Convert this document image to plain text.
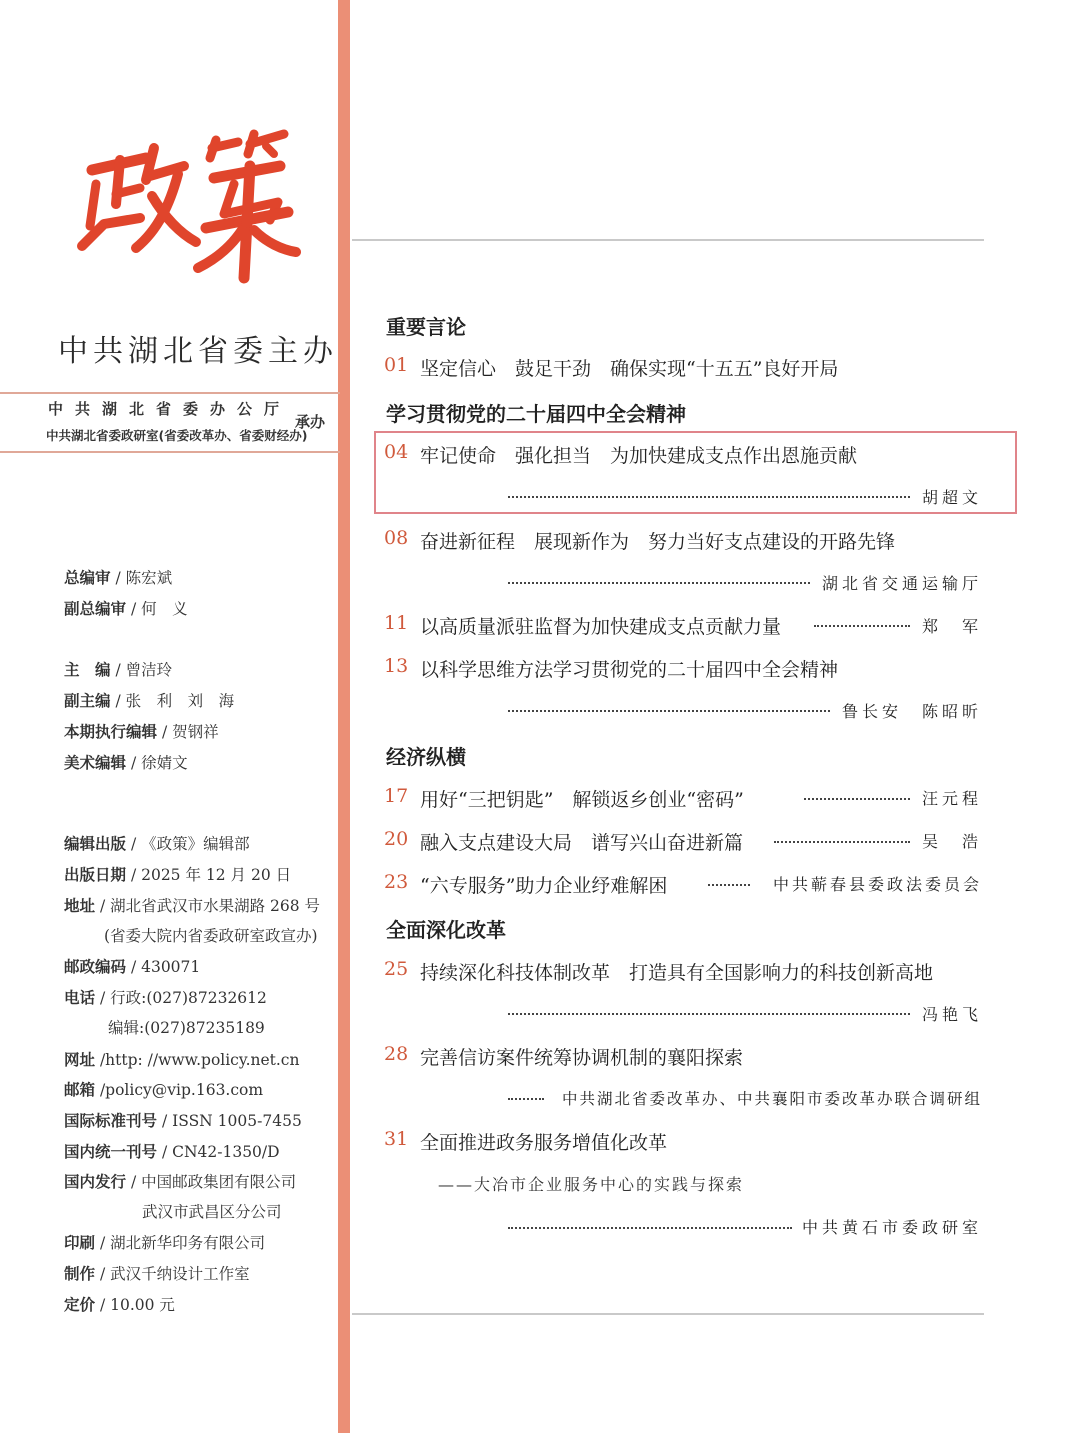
中共湖北省委主办
中共湖北省委办公厅
中共湖北省委政研室(省委改革办、省委财经办)
承办
总编审 / 陈宏斌
副总编审 / 何　义
主　编 / 曾洁玲
副主编 / 张　利　刘　海
本期执行编辑 / 贺钢祥
美术编辑 / 徐婧文
编辑出版 / 《政策》编辑部
出版日期 / 2025 年 12 月 20 日
地址 / 湖北省武汉市水果湖路 268 号
(省委大院内省委政研室政宣办)
邮政编码 / 430071
电话 / 行政:(027)87232612
编辑:(027)87235189
网址 /http: //www.policy.net.cn
邮箱 /policy@vip.163.com
国际标准刊号 / ISSN 1005-7455
国内统一刊号 / CN42-1350/D
国内发行 / 中国邮政集团有限公司
武汉市武昌区分公司
印刷 / 湖北新华印务有限公司
制作 / 武汉千纳设计工作室
定价 / 10.00 元
重要言论
01 坚定信心　鼓足干劲　确保实现“十五五”良好开局
学习贯彻党的二十届四中全会精神
04 牢记使命　强化担当　为加快建成支点作出恩施贡献
胡超文
08 奋进新征程　展现新作为　努力当好支点建设的开路先锋
湖北省交通运输厅
11 以高质量派驻监督为加快建成支点贡献力量	郑　军
13 以科学思维方法学习贯彻党的二十届四中全会精神
鲁长安　陈昭昕
经济纵横
17 用好“三把钥匙”　解锁返乡创业“密码”	汪元程
20 融入支点建设大局　谱写兴山奋进新篇	吴　浩
23 “六专服务”助力企业纾难解困	中共蕲春县委政法委员会
全面深化改革
25 持续深化科技体制改革　打造具有全国影响力的科技创新高地
冯艳飞
28 完善信访案件统筹协调机制的襄阳探索
中共湖北省委改革办、中共襄阳市委改革办联合调研组
31 全面推进政务服务增值化改革
——大冶市企业服务中心的实践与探索
中共黄石市委政研室
